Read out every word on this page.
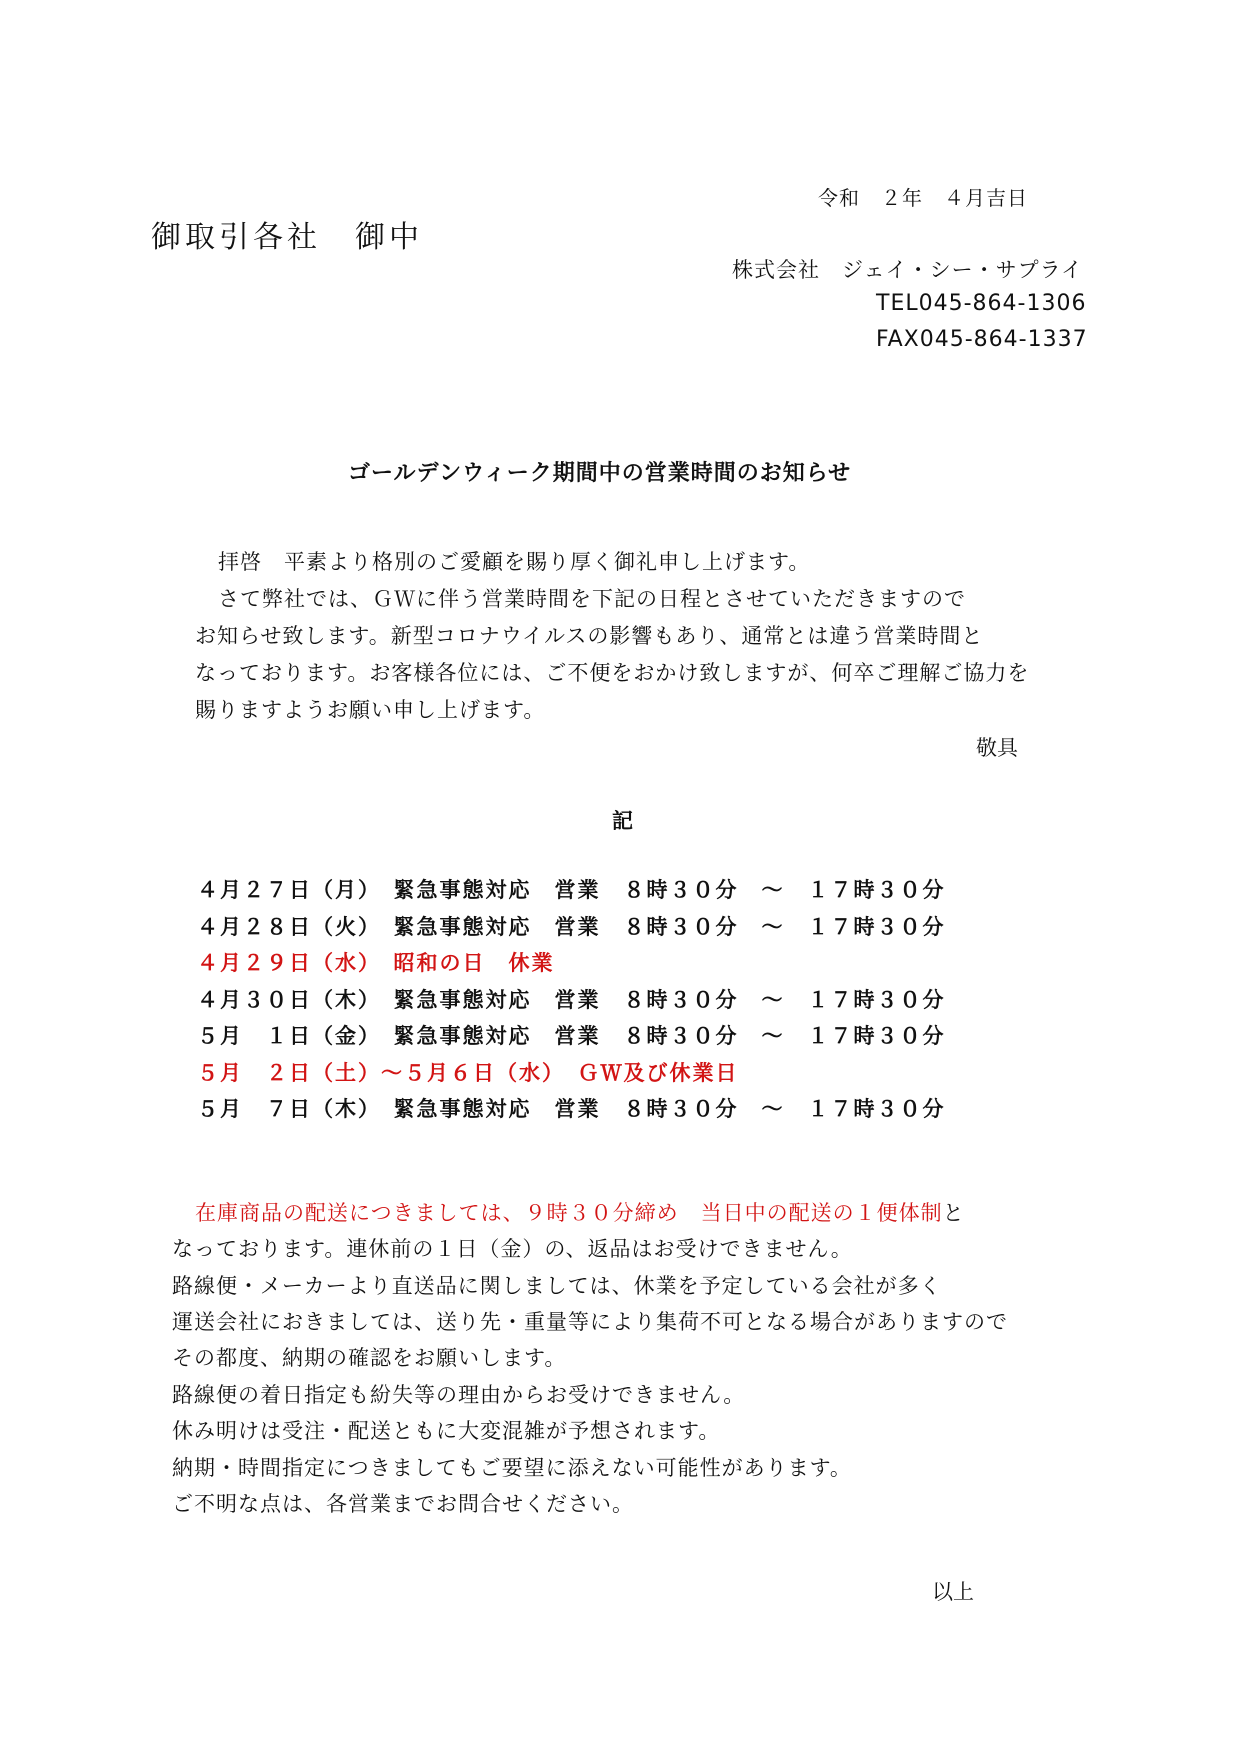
令和　２年　４月吉日
御取引各社　御中
株式会社　ジェイ・シー・サプライ
TEL045-864-1306
FAX045-864-1337
ゴールデンウィーク期間中の営業時間のお知らせ
拝啓　平素より格別のご愛顧を賜り厚く御礼申し上げます。
さて弊社では、ＧＷに伴う営業時間を下記の日程とさせていただきますので
お知らせ致します。新型コロナウイルスの影響もあり、通常とは違う営業時間と
なっております。お客様各位には、ご不便をおかけ致しますが、何卒ご理解ご協力を
賜りますようお願い申し上げます。
敬具
記
４月２７日（月）　緊急事態対応　営業　８時３０分　～　１７時３０分
４月２８日（火）　緊急事態対応　営業　８時３０分　～　１７時３０分
４月２９日（水）　昭和の日　休業
４月３０日（木）　緊急事態対応　営業　８時３０分　～　１７時３０分
５月　１日（金）　緊急事態対応　営業　８時３０分　～　１７時３０分
５月　２日（土）～５月６日（水）　ＧＷ及び休業日
５月　７日（木）　緊急事態対応　営業　８時３０分　～　１７時３０分
在庫商品の配送につきましては、９時３０分締め　当日中の配送の１便体制と
なっております。連休前の１日（金）の、返品はお受けできません。
路線便・メーカーより直送品に関しましては、休業を予定している会社が多く
運送会社におきましては、送り先・重量等により集荷不可となる場合がありますので
その都度、納期の確認をお願いします。
路線便の着日指定も紛失等の理由からお受けできません。
休み明けは受注・配送ともに大変混雑が予想されます。
納期・時間指定につきましてもご要望に添えない可能性があります。
ご不明な点は、各営業までお問合せください。
以上
